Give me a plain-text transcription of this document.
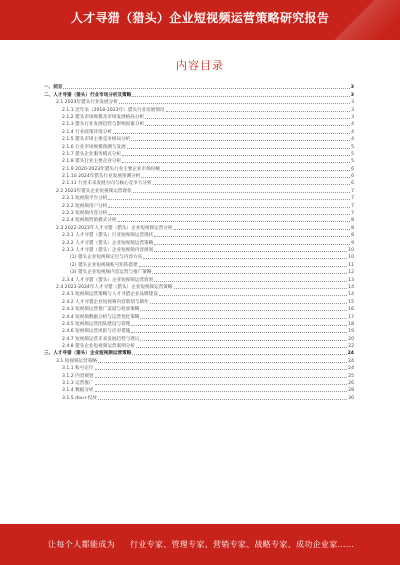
人才寻猎（猎头）企业短视频运营策略研究报告
内容目录
一、前言	3
二、人才寻猎（猎头）行业市场分析及策略	3
2.1 2023年猎头行业发展分析	3
2.1.1 近年来（2018-2023年）猎头行业发展情况	3
2.1.2 猎头市场规模及市场发展格局分析	3
2.1.3 猎头行业发展趋势与影响因素分析	4
2.1.4 行业政策环境分析	4
2.1.5 猎头市场主要竞争格局分析	4
2.1.6 行业市场规模预测与发展	5
2.1.7 猎头企业服务模式分析	5
2.1.8 猎头行业主要企业分析	5
2.1.9 2020-2023年猎头行业主要企业市场份额	6
2.1.10 2024年猎头行业发展预测分析	6
2.1.11 行业未来发展方向与核心竞争力分析	6
2.2 2023年猎头企业短视频运营现状	7
2.2.1 短视频平台分析	7
2.2.2 短视频用户分析	7
2.2.3 短视频内容分析	7
2.2.4 短视频营销模式分析	8
2.3 2022-2023年人才寻猎（猎头）企业短视频运营分析	8
2.3.1 人才寻猎（猎头）行业短视频运营现状	8
2.3.2 人才寻猎（猎头）企业短视频运营策略	9
2.3.3 人才寻猎（猎头）企业短视频内容规划	10
(1) 猎头企业短视频定位与内容方向	10
(2) 猎头企业短视频账号矩阵搭建	11
(3) 猎头企业短视频内容运营与推广策略	12
2.3.4 人才寻猎（猎头）企业短视频运营效果	13
2.4 2023-2024年人才寻猎（猎头）企业短视频运营策略	14
2.4.1 短视频运营策略与人才寻猎企业品牌建设	14
2.4.2 人才寻猎企业短视频内容策划与制作	15
2.4.3 短视频运营推广渠道与投放策略	16
2.4.4 短视频数据分析与运营优化策略	17
2.4.5 短视频运营团队建设与管理	18
2.4.6 短视频运营风险与应对措施	19
2.4.7 短视频运营未来发展趋势与建议	20
2.4.8 猎头企业短视频运营案例分析	22
三、人才寻猎（猎头）企业短视频运营策略	24
3.1 短视频运营策略	24
3.1.1 账号定位	24
3.1.2 内容规划	25
3.1.3 运营推广	26
3.1.4 数据分析	28
3.1.5 dou+投放	30
让每个人都能成为 行业专家、管理专家、营销专家、战略专家、成功企业家……
